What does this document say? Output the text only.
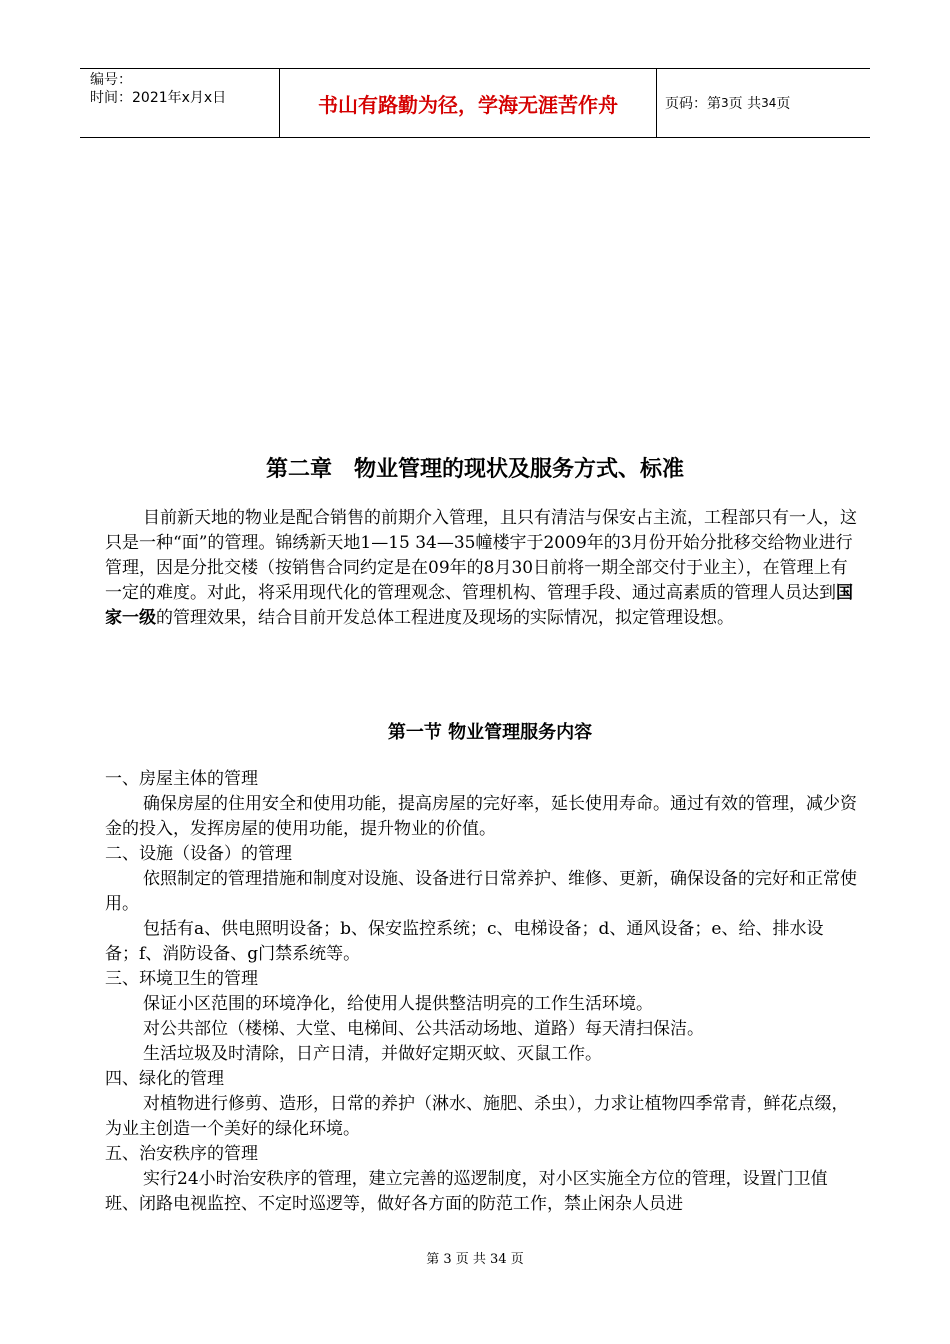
编号：
时间：2021年x月x日	书山有路勤为径，学海无涯苦作舟	页码：第 3 页 共 34 页
第二章　物业管理的现状及服务方式、标准
目前新天地的物业是配合销售的前期介入管理，且只有清洁与保安占主流，工程部只有一人，这只是一种“面”的管理。锦绣新天地1—15 34—35幢楼宇于2009年的3月份开始分批移交给物业进行管理，因是分批交楼（按销售合同约定是在09年的8月30日前将一期全部交付于业主），在管理上有一定的难度。对此，将采用现代化的管理观念、管理机构、管理手段、通过高素质的管理人员达到国家一级的管理效果，结合目前开发总体工程进度及现场的实际情况，拟定管理设想。
第一节 物业管理服务内容
一、房屋主体的管理
确保房屋的住用安全和使用功能，提高房屋的完好率，延长使用寿命。通过有效的管理，减少资金的投入，发挥房屋的使用功能，提升物业的价值。
二、设施（设备）的管理
依照制定的管理措施和制度对设施、设备进行日常养护、维修、更新，确保设备的完好和正常使用。
包括有a、供电照明设备；b、保安监控系统；c、电梯设备；d、通风设备；e、给、排水设备；f、消防设备、g门禁系统等。
三、环境卫生的管理
保证小区范围的环境净化，给使用人提供整洁明亮的工作生活环境。
对公共部位（楼梯、大堂、电梯间、公共活动场地、道路）每天清扫保洁。
生活垃圾及时清除，日产日清，并做好定期灭蚊、灭鼠工作。
四、绿化的管理
对植物进行修剪、造形，日常的养护（淋水、施肥、杀虫），力求让植物四季常青，鲜花点缀，为业主创造一个美好的绿化环境。
五、治安秩序的管理
实行24小时治安秩序的管理，建立完善的巡逻制度，对小区实施全方位的管理，设置门卫值班、闭路电视监控、不定时巡逻等，做好各方面的防范工作，禁止闲杂人员进
第 3 页 共 34 页
